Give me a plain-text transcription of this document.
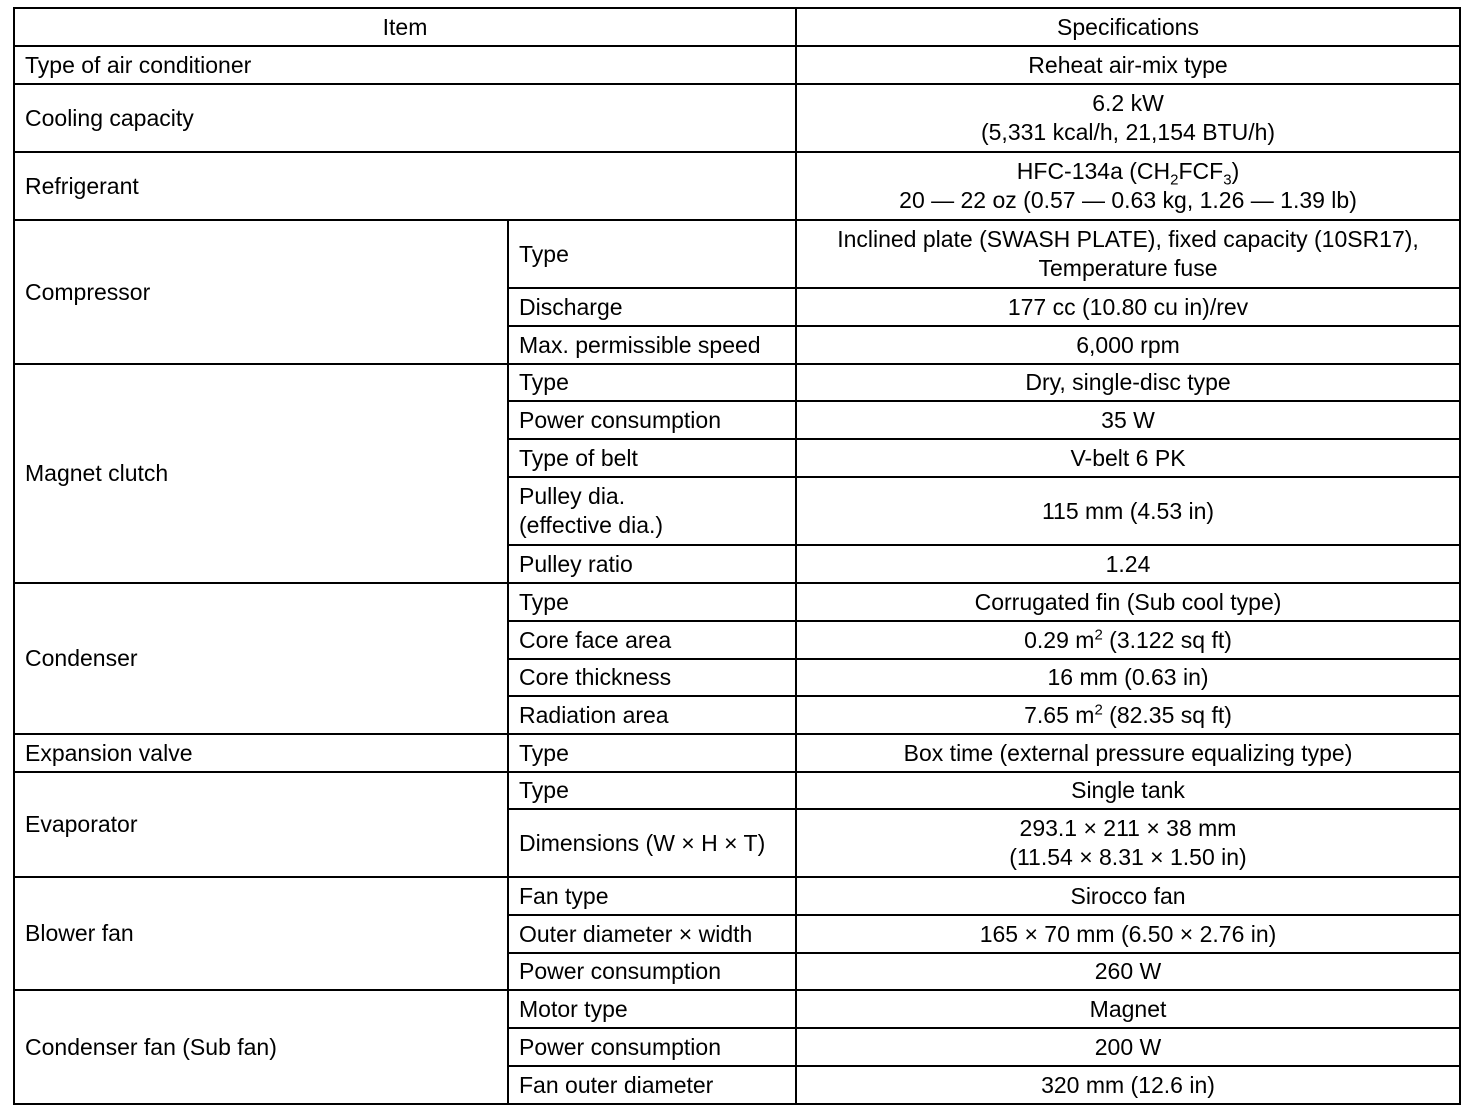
Item		Specifications
Type of air conditioner		Reheat air-mix type
Cooling capacity		6.2 kW
(5,331 kcal/h, 21,154 BTU/h)
Refrigerant		HFC-134a $(CH_2FCF_3)$
20 — 22 oz (0.57 — 0.63 kg, 1.26 — 1.39 lb)
Compressor	Type	Inclined plate (SWASH PLATE), fixed capacity (10SR17),
Temperature fuse
	Discharge	177 cc (10.80 cu in)/rev
	Max. permissible speed	6,000 rpm
Magnet clutch	Type	Dry, single-disc type
	Power consumption	35 W
	Type of belt	V-belt 6 PK
	Pulley dia.
(effective dia.)	115 mm (4.53 in)
	Pulley ratio	1.24
Condenser	Type	Corrugated fin (Sub cool type)
	Core face area	0.29 $m^2$ (3.122 sq ft)
	Core thickness	16 mm (0.63 in)
	Radiation area	7.65 $m^2$ (82.35 sq ft)
Expansion valve	Type	Box time (external pressure equalizing type)
Evaporator	Type	Single tank
	Dimensions (W × H × T)	293.1 × 211 × 38 mm
(11.54 × 8.31 × 1.50 in)
Blower fan	Fan type	Sirocco fan
	Outer diameter × width	165 × 70 mm (6.50 × 2.76 in)
	Power consumption	260 W
Condenser fan (Sub fan)	Motor type	Magnet
	Power consumption	200 W
	Fan outer diameter	320 mm (12.6 in)
